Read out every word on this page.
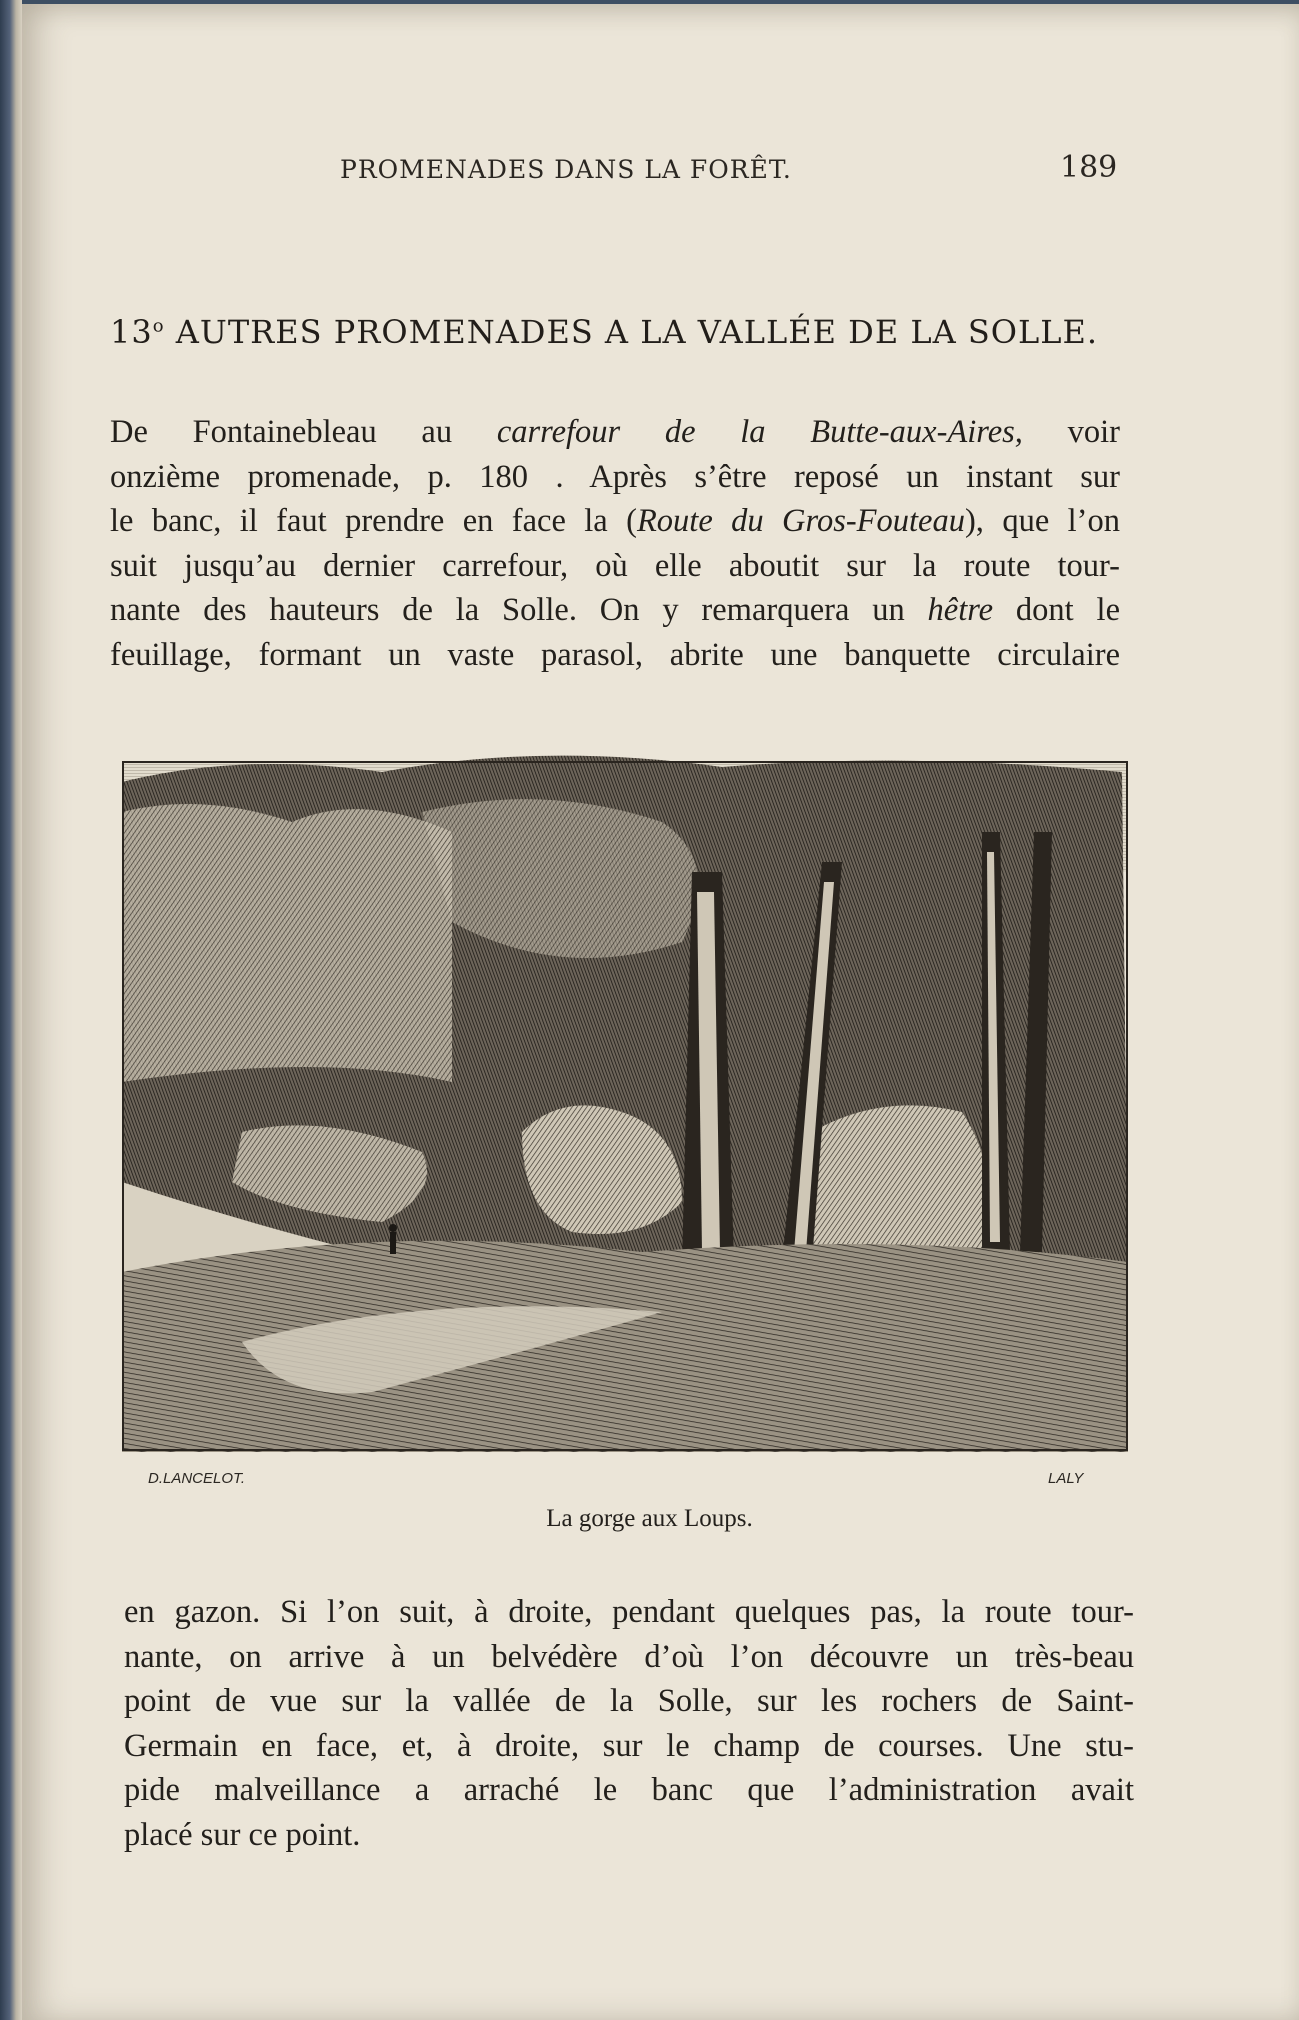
PROMENADES DANS LA FORÊT.	189
13$^o$ AUTRES PROMENADES A LA VALLÉE DE LA SOLLE.
De Fontainebleau au carrefour de la Butte-aux-Aires, voir
onzième promenade, p. 180 . Après s’être reposé un instant sur
le banc, il faut prendre en face la (Route du Gros-Fouteau), que l’on
suit jusqu’au dernier carrefour, où elle aboutit sur la route tour-
nante des hauteurs de la Solle. On y remarquera un hêtre dont le
feuillage, formant un vaste parasol, abrite une banquette circulaire
D.LANCELOT.	LALY
La gorge aux Loups.
en gazon. Si l’on suit, à droite, pendant quelques pas, la route tour-
nante, on arrive à un belvédère d’où l’on découvre un très-beau
point de vue sur la vallée de la Solle, sur les rochers de Saint-
Germain en face, et, à droite, sur le champ de courses. Une stu-
pide malveillance a arraché le banc que l’administration avait
placé sur ce point.
